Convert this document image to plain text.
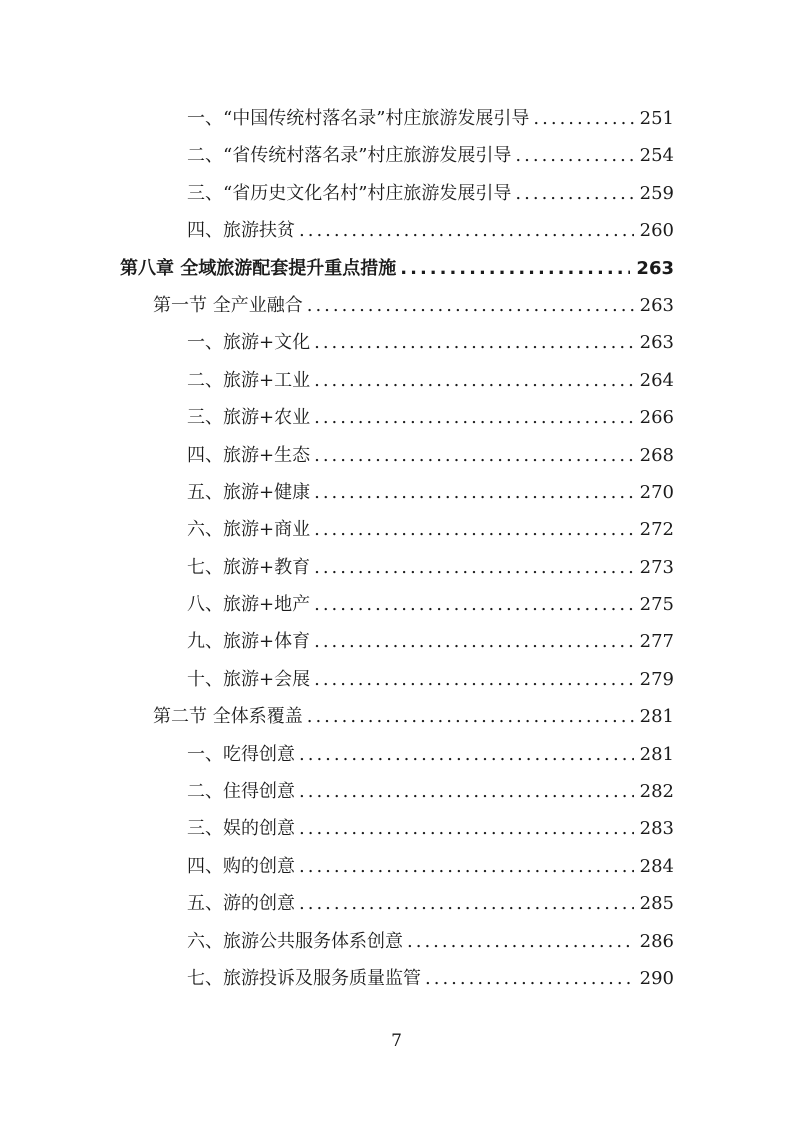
一、“中国传统村落名录”村庄旅游发展引导 .....	251
二、“省传统村落名录”村庄旅游发展引导 .....	254
三、“省历史文化名村”村庄旅游发展引导 .....	259
四、旅游扶贫 .....	260
第八章 全域旅游配套提升重点措施 .....	263
第一节 全产业融合 .....	263
一、旅游+文化 .....	263
二、旅游+工业 .....	264
三、旅游+农业 .....	266
四、旅游+生态 .....	268
五、旅游+健康 .....	270
六、旅游+商业 .....	272
七、旅游+教育 .....	273
八、旅游+地产 .....	275
九、旅游+体育 .....	277
十、旅游+会展 .....	279
第二节 全体系覆盖 .....	281
一、吃得创意 .....	281
二、住得创意 .....	282
三、娱的创意 .....	283
四、购的创意 .....	284
五、游的创意 .....	285
六、旅游公共服务体系创意 .....	286
七、旅游投诉及服务质量监管 .....	290
7
